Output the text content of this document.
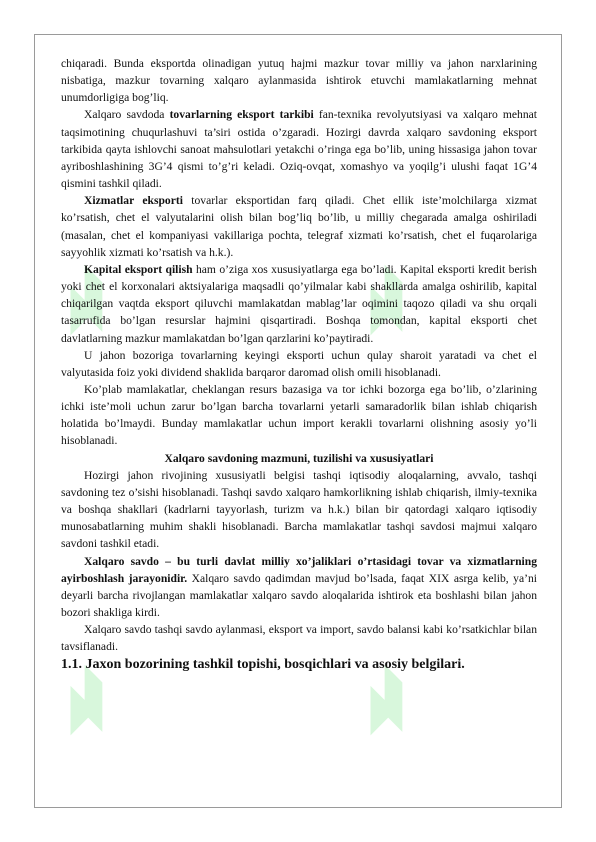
chiqaradi. Bunda eksportda olinadigan yutuq hajmi mazkur tovar milliy va jahon narxlarining nisbatiga, mazkur tovarning xalqaro aylanmasida ishtirok etuvchi mamlakatlarning mehnat unumdorligiga bog’liq.

Xalqaro savdoda tovarlarning eksport tarkibi fan-texnika revolyutsiyasi va xalqaro mehnat taqsimotining chuqurlashuvi ta’siri ostida o’zgaradi. Hozirgi davrda xalqaro savdoning eksport tarkibida qayta ishlovchi sanoat mahsulotlari yetakchi o’ringa ega bo’lib, uning hissasiga jahon tovar ayriboshlashining 3G’4 qismi to’g’ri keladi. Oziq-ovqat, xomashyo va yoqilg’i ulushi faqat 1G’4 qismini tashkil qiladi.

Xizmatlar eksporti tovarlar eksportidan farq qiladi. Chet ellik iste’molchilarga xizmat ko’rsatish, chet el valyutalarini olish bilan bog’liq bo’lib, u milliy chegarada amalga oshiriladi (masalan, chet el kompaniyasi vakillariga pochta, telegraf xizmati ko’rsatish, chet el fuqarolariga sayyohlik xizmati ko’rsatish va h.k.).

Kapital eksport qilish ham o’ziga xos xususiyatlarga ega bo’ladi. Kapital eksporti kredit berish yoki chet el korxonalari aktsiyalariga maqsadli qo’yilmalar kabi shakllarda amalga oshirilib, kapital chiqarilgan vaqtda eksport qiluvchi mamlakatdan mablag’lar oqimini taqozo qiladi va shu orqali tasarrufida bo’lgan resurslar hajmini qisqartiradi. Boshqa tomondan, kapital eksporti chet davlatlarning mazkur mamlakatdan bo’lgan qarzlarini ko’paytiradi.

U jahon bozoriga tovarlarning keyingi eksporti uchun qulay sharoit yaratadi va chet el valyutasida foiz yoki dividend shaklida barqaror daromad olish omili hisoblanadi.

Ko’plab mamlakatlar, cheklangan resurs bazasiga va tor ichki bozorga ega bo’lib, o’zlarining ichki iste’moli uchun zarur bo’lgan barcha tovarlarni yetarli samaradorlik bilan ishlab chiqarish holatida bo’lmaydi. Bunday mamlakatlar uchun import kerakli tovarlarni olishning asosiy yo’li hisoblanadi.

Xalqaro savdoning mazmuni, tuzilishi va xususiyatlari

Hozirgi jahon rivojining xususiyatli belgisi tashqi iqtisodiy aloqalarning, avvalo, tashqi savdoning tez o’sishi hisoblanadi. Tashqi savdo xalqaro hamkorlikning ishlab chiqarish, ilmiy-texnika va boshqa shakllari (kadrlarni tayyorlash, turizm va h.k.) bilan bir qatordagi xalqaro iqtisodiy munosabatlarning muhim shakli hisoblanadi. Barcha mamlakatlar tashqi savdosi majmui xalqaro savdoni tashkil etadi.

Xalqaro savdo – bu turli davlat milliy xo’jaliklari o’rtasidagi tovar va xizmatlarning ayirboshlash jarayonidir. Xalqaro savdo qadimdan mavjud bo’lsada, faqat XIX asrga kelib, ya’ni deyarli barcha rivojlangan mamlakatlar xalqaro savdo aloqalarida ishtirok eta boshlashi bilan jahon bozori shakliga kirdi.

Xalqaro savdo tashqi savdo aylanmasi, eksport va import, savdo balansi kabi ko’rsatkichlar bilan tavsiflanadi.

1.1. Jaxon bozorining tashkil topishi, bosqichlari va asosiy belgilari.
